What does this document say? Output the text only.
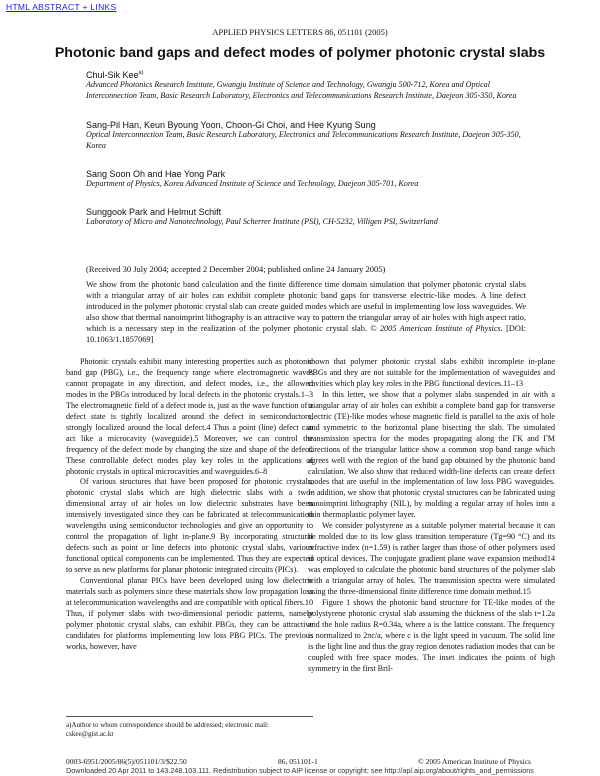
HTML ABSTRACT + LINKS
APPLIED PHYSICS LETTERS 86, 051101 (2005)
Photonic band gaps and defect modes of polymer photonic crystal slabs
Chul-Sik Kee$^{a)}$
Advanced Photonics Research Institute, Gwangju Institute of Science and Technology, Gwangju 500-712, Korea and Optical Interconnection Team, Basic Research Laboratory, Electronics and Telecommunications Research Institute, Daejeon 305-350, Korea
Sang-Pil Han, Keun Byoung Yoon, Choon-Gi Choi, and Hee Kyung Sung
Optical Interconnection Team, Basic Research Laboratory, Electronics and Telecommunications Research Institute, Daejeon 305-350, Korea
Sang Soon Oh and Hae Yong Park
Department of Physics, Korea Advanced Institute of Science and Technology, Daejeon 305-701, Korea
Sunggook Park and Helmut Schift
Laboratory of Micro and Nanotechnology, Paul Scherrer Institute (PSI), CH-5232, Villigen PSI, Switzerland
(Received 30 July 2004; accepted 2 December 2004; published online 24 January 2005)
We show from the photonic band calculation and the finite difference time domain simulation that polymer photonic crystal slabs with a triangular array of air holes can exhibit complete photonic band gaps for transverse electric-like modes. A line defect introduced in the polymer photonic crystal slab can create guided modes which are useful in implementing low loss waveguides. We also show that thermal nanoimprint lithography is an attractive way to pattern the triangular array of air holes with high aspect ratio, which is a necessary step in the realization of the polymer photonic crystal slab. © 2005 American Institute of Physics. [DOI: 10.1063/1.1857069]

Photonic crystals exhibit many interesting properties such as photonic band gap (PBG), i.e., the frequency range where electromagnetic waves cannot propagate in any direction, and defect modes, i.e., the allowed modes in the PBGs introduced by local defects in the photonic crystals.1–3 The electromagnetic field of a defect mode is, just as the wave function of a defect state is tightly localized around the defect in semiconductors, strongly localized around the local defect.4 Thus a point (line) defect can act like a microcavity (waveguide).5 Moreover, we can control the frequency of the defect mode by changing the size and shape of the defect. These controllable defect modes play key roles in the applications of photonic crystals in optical microcavities and waveguides.6–8

Of various structures that have been proposed for photonic crystals, photonic crystal slabs which are high dielectric slabs with a two-dimensional array of air holes on low dielectric substrates have been intensively investigated since they can be fabricated at telecommunication wavelengths using semiconductor technologies and give an opportunity to control the propagation of light in-plane.9 By incorporating structural defects such as point or line defects into photonic crystal slabs, various functional optical components can be implemented. Thus they are expected to serve as new platforms for planar photonic integrated circuits (PICs).

Conventional planar PICs have been developed using low dielectric materials such as polymers since these materials show low propagation loss at telecommunication wavelengths and are compatible with optical fibers.10 Thus, if polymer slabs with two-dimensional periodic patterns, namely polymer photonic crystal slabs, can exhibit PBGs, they can be attractive candidates for platforms implementing low loss PBG PICs. The previous works, however, have

shown that polymer photonic crystal slabs exhibit incomplete in-plane PBGs and they are not suitable for the implementation of waveguides and cavities which play key roles in the PBG functional devices.11–13

In this letter, we show that a polymer slabs suspended in air with a triangular array of air holes can exhibit a complete band gap for transverse electric (TE)-like modes whose magnetic field is parallel to the axis of hole and symmetric to the horizontal plane bisecting the slab. The simulated transmission spectra for the modes propagating along the ΓK and ΓM directions of the triangular lattice show a common stop band range which agrees well with the region of the band gap obtained by the photonic band calculation. We also show that reduced width-line defects can create defect modes that are useful in the implementation of low loss PBG waveguides. In addition, we show that photonic crystal structures can be fabricated using nanoimprint lithography (NIL), by molding a regular array of holes into a thin thermoplastic polymer layer.

We consider polystyrene as a suitable polymer material because it can be molded due to its low glass transition temperature (Tg=90 °C) and its refractive index (n=1.59) is rather larger than those of other polymers used in optical devices. The conjugate gradient plane wave expansion method14 was employed to calculate the photonic band structures of the polymer slab with a triangular array of holes. The transmission spectra were simulated using the three-dimensional finite difference time domain method.15

Figure 1 shows the photonic band structure for TE-like modes of the polystyrene photonic crystal slab assuming the thickness of the slab t=1.2a and the hole radius R=0.34a, where a is the lattice constant. The frequency is normalized to 2πc/a, where c is the light speed in vacuum. The solid line is the light line and thus the gray region denotes radiation modes that can be coupled with free space modes. The inset indicates the points of high symmetry in the first Bril-

a)Author to whom correspondence should be addressed; electronic mail: cskee@gist.ac.kr
0003-6951/2005/86(5)/051101/3/$22.50	86, 051101-1	© 2005 American Institute of Physics
Downloaded 20 Apr 2011 to 143.248.103.111. Redistribution subject to AIP license or copyright; see http://apl.aip.org/about/rights_and_permissions
